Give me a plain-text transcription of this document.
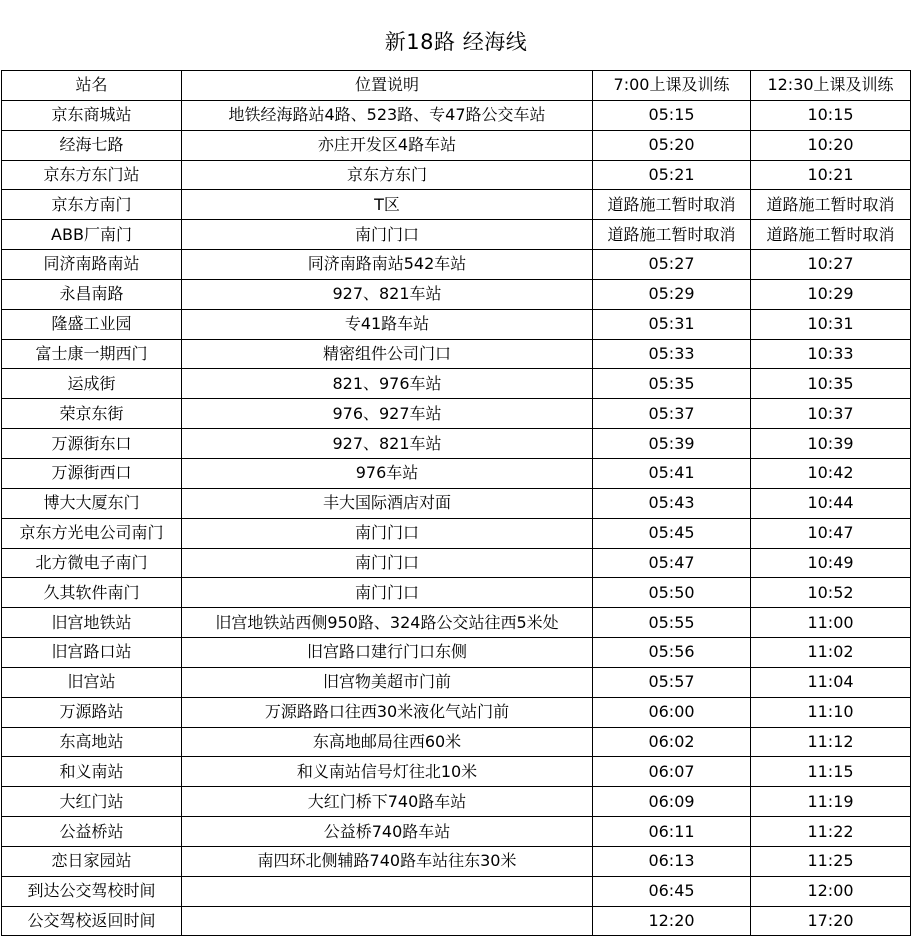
新18路 经海线
站名	位置说明	7:00上课及训练	12:30上课及训练
京东商城站	地铁经海路站4路、523路、专47路公交车站	05:15	10:15
经海七路	亦庄开发区4路车站	05:20	10:20
京东方东门站	京东方东门	05:21	10:21
京东方南门	T区	道路施工暂时取消	道路施工暂时取消
ABB厂南门	南门门口	道路施工暂时取消	道路施工暂时取消
同济南路南站	同济南路南站542车站	05:27	10:27
永昌南路	927、821车站	05:29	10:29
隆盛工业园	专41路车站	05:31	10:31
富士康一期西门	精密组件公司门口	05:33	10:33
运成街	821、976车站	05:35	10:35
荣京东街	976、927车站	05:37	10:37
万源街东口	927、821车站	05:39	10:39
万源街西口	976车站	05:41	10:42
博大大厦东门	丰大国际酒店对面	05:43	10:44
京东方光电公司南门	南门门口	05:45	10:47
北方微电子南门	南门门口	05:47	10:49
久其软件南门	南门门口	05:50	10:52
旧宫地铁站	旧宫地铁站西侧950路、324路公交站往西5米处	05:55	11:00
旧宫路口站	旧宫路口建行门口东侧	05:56	11:02
旧宫站	旧宫物美超市门前	05:57	11:04
万源路站	万源路路口往西30米液化气站门前	06:00	11:10
东高地站	东高地邮局往西60米	06:02	11:12
和义南站	和义南站信号灯往北10米	06:07	11:15
大红门站	大红门桥下740路车站	06:09	11:19
公益桥站	公益桥740路车站	06:11	11:22
恋日家园站	南四环北侧辅路740路车站往东30米	06:13	11:25
到达公交驾校时间		06:45	12:00
公交驾校返回时间		12:20	17:20
